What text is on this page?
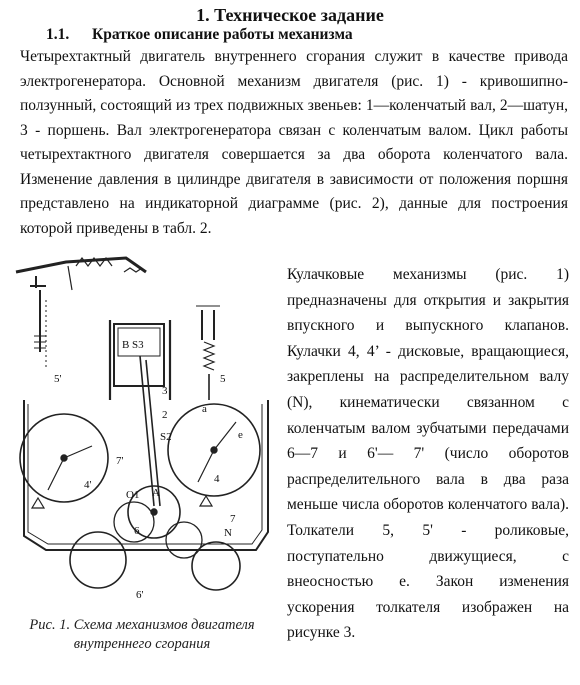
1. Техническое задание
1.1. Краткое описание работы механизма
Четырехтактный двигатель внутреннего сгорания служит в качестве привода электрогенератора. Основной механизм двигателя (рис. 1) - кривошипно-ползунный, состоящий из трех подвижных звеньев: 1—коленчатый вал, 2—шатун, 3 - поршень. Вал электрогенератора связан с коленчатым валом. Цикл работы четырехтактного двигателя совершается за два оборота коленчатого вала. Изменение давления в цилиндре двигателя в зависимости от положения поршня представлено на индикаторной диаграмме (рис. 2), данные для построения которой приведены в табл. 2.
Кулачковые механизмы (рис. 1) предназначены для открытия и закрытия впускного и выпускного клапанов. Кулачки 4, 4’ - дисковые, вращающиеся, закреплены на распределительном валу (N), кинематически связанном с коленчатым валом зубчатыми передачами 6—7 и 6'— 7' (число оборотов распределительного вала в два раза меньше числа оборотов коленчатого вала). Толкатели 5, 5' - роликовые, поступательно движущиеся, с внеосностью е. Закон изменения ускорения толкателя изображен на рисунке 3.
5'
B S3
3
5
2
S2
a
7'
4'	4
7
O1 A
e
6
6'
N
Рис. 1. Схема механизмов двигателя внутреннего сгорания
